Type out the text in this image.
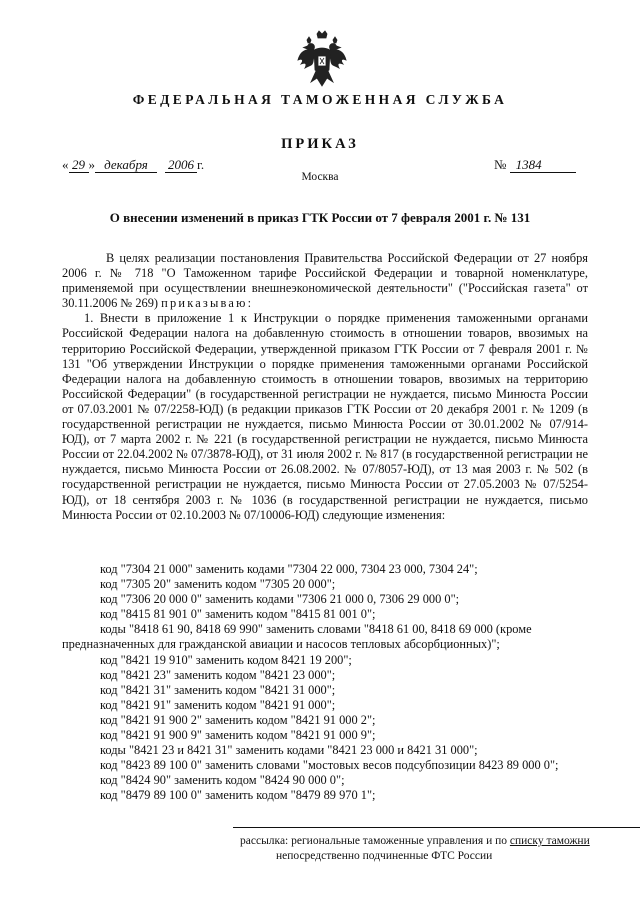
ФЕДЕРАЛЬНАЯ ТАМОЖЕННАЯ СЛУЖБА
ПРИКАЗ
« 29 » декабря 2006 г.	№ 1384
Москва
О внесении изменений в приказ ГТК России от 7 февраля 2001 г. № 131

В целях реализации постановления Правительства Российской Федерации от 27 ноября 2006 г. № 718 "О Таможенном тарифе Российской Федерации и товарной номенклатуре, применяемой при осуществлении внешнеэкономической деятельности" ("Российская газета" от 30.11.2006 № 269) приказываю:

1. Внести в приложение 1 к Инструкции о порядке применения таможенными органами Российской Федерации налога на добавленную стоимость в отношении товаров, ввозимых на территорию Российской Федерации, утвержденной приказом ГТК России от 7 февраля 2001 г. № 131 "Об утверждении Инструкции о порядке применения таможенными органами Российской Федерации налога на добавленную стоимость в отношении товаров, ввозимых на территорию Российской Федерации" (в государственной регистрации не нуждается, письмо Минюста России от 07.03.2001 № 07/2258-ЮД) (в редакции приказов ГТК России от 20 декабря 2001 г. № 1209 (в государственной регистрации не нуждается, письмо Минюста России от 30.01.2002 № 07/914-ЮД), от 7 марта 2002 г. № 221 (в государственной регистрации не нуждается, письмо Минюста России от 22.04.2002 № 07/3878-ЮД), от 31 июля 2002 г. № 817 (в государственной регистрации не нуждается, письмо Минюста России от 26.08.2002. № 07/8057-ЮД), от 13 мая 2003 г. № 502 (в государственной регистрации не нуждается, письмо Минюста России от 27.05.2003 № 07/5254-ЮД), от 18 сентября 2003 г. № 1036 (в государственной регистрации не нуждается, письмо Минюста России от 02.10.2003 № 07/10006-ЮД) следующие изменения:

код "7304 21 000" заменить кодами "7304 22 000, 7304 23 000, 7304 24";
код "7305 20" заменить кодом "7305 20 000";
код "7306 20 000 0" заменить кодами "7306 21 000 0, 7306 29 000 0";
код "8415 81 901 0" заменить кодом "8415 81 001 0";
коды "8418 61 90, 8418 69 990" заменить словами "8418 61 00, 8418 69 000 (кроме предназначенных для гражданской авиации и насосов тепловых абсорбционных)";
код "8421 19 910" заменить кодом 8421 19 200";
код "8421 23" заменить кодом "8421 23 000";
код "8421 31" заменить кодом "8421 31 000";
код "8421 91" заменить кодом "8421 91 000";
код "8421 91 900 2" заменить кодом "8421 91 000 2";
код "8421 91 900 9" заменить кодом "8421 91 000 9";
коды "8421 23 и 8421 31" заменить кодами "8421 23 000 и 8421 31 000";
код "8423 89 100 0" заменить словами "мостовых весов подсубпозиции 8423 89 000 0";
код "8424 90" заменить кодом "8424 90 000 0";
код "8479 89 100 0" заменить кодом "8479 89 970 1";
рассылка: региональные таможенные управления и по списку таможни
непосредственно подчиненные ФТС России
